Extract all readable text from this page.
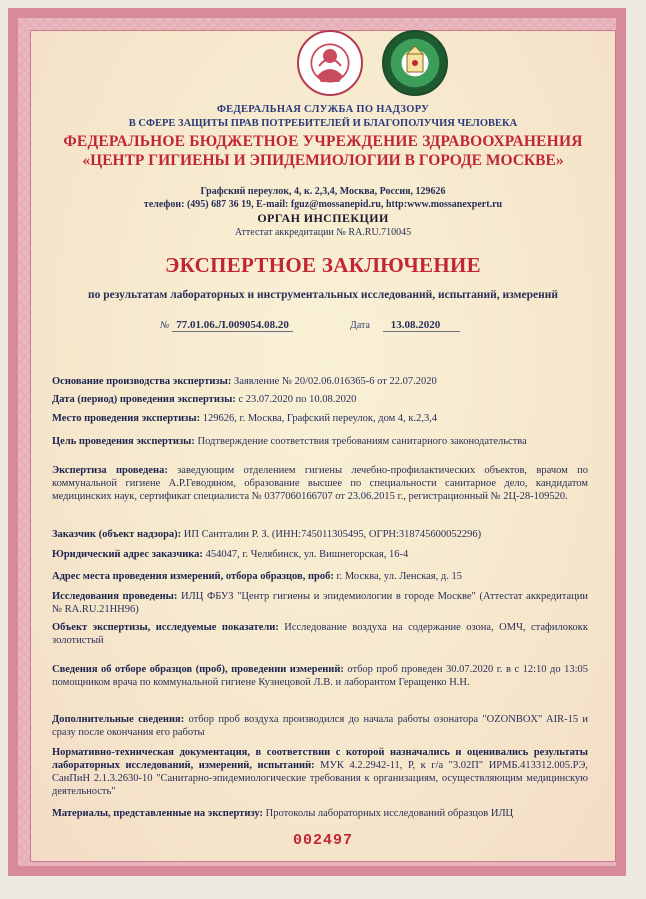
ФЕДЕРАЛЬНАЯ СЛУЖБА ПО НАДЗОРУ
В СФЕРЕ ЗАЩИТЫ ПРАВ ПОТРЕБИТЕЛЕЙ И БЛАГОПОЛУЧИЯ ЧЕЛОВЕКА
ФЕДЕРАЛЬНОЕ БЮДЖЕТНОЕ УЧРЕЖДЕНИЕ ЗДРАВООХРАНЕНИЯ
«ЦЕНТР ГИГИЕНЫ И ЭПИДЕМИОЛОГИИ В ГОРОДЕ МОСКВЕ»
Графский переулок, 4, к. 2,3,4, Москва, Россия, 129626
телефон: (495) 687 36 19, E-mail: fguz@mossanepid.ru, http:www.mossanexpert.ru
ОРГАН ИНСПЕКЦИИ
Аттестат аккредитации № RA.RU.710045
ЭКСПЕРТНОЕ ЗАКЛЮЧЕНИЕ
по результатам лабораторных и инструментальных исследований, испытаний, измерений
№ 77.01.06.Л.009054.08.20	Дата 13.08.2020
Основание производства экспертизы: Заявление № 20/02.06.016365-6 от 22.07.2020
Дата (период) проведения экспертизы: с 23.07.2020 по 10.08.2020
Место проведения экспертизы: 129626, г. Москва, Графский переулок, дом 4, к.2,3,4
Цель проведения экспертизы: Подтверждение соответствия требованиям санитарного законодательства
Экспертиза проведена: заведующим отделением гигиены лечебно-профилактических объектов, врачом по коммунальной гигиене А.Р.Геводяном, образование высшее по специальности санитарное дело, кандидатом медицинских наук, сертификат специалиста № 0377060166707 от 23.06.2015 г., регистрационный № 2Ц-28-109520.
Заказчик (объект надзора): ИП Сантгалин Р. З. (ИНН:745011305495, ОГРН:318745600052296)
Юридический адрес заказчика: 454047, г. Челябинск, ул. Вишнегорская, 16-4
Адрес места проведения измерений, отбора образцов, проб: г. Москва, ул. Ленская, д. 15
Исследования проведены: ИЛЦ ФБУЗ "Центр гигиены и эпидемиологии в городе Москве" (Аттестат аккредитации № RA.RU.21НН96)
Объект экспертизы, исследуемые показатели: Исследование воздуха на содержание озона, ОМЧ, стафилококк золотистый
Сведения об отборе образцов (проб), проведении измерений: отбор проб проведен 30.07.2020 г. в с 12:10 до 13:05 помощником врача по коммунальной гигиене Кузнецовой Л.В. и лаборантом Геращенко Н.Н.
Дополнительные сведения: отбор проб воздуха производился до начала работы озонатора "OZONBOX" AIR-15 и сразу после окончания его работы
Нормативно-техническая документация, в соответствии с которой назначались и оценивались результаты лабораторных исследований, измерений, испытаний: МУК 4.2.2942-11, Р, к г/а "3.02П" ИРМБ.413312.005.РЭ, СанПиН 2.1.3.2630-10 "Санитарно-эпидемиологические требования к организациям, осуществляющим медицинскую деятельность"
Материалы, представленные на экспертизу: Протоколы лабораторных исследований образцов ИЛЦ
002497
